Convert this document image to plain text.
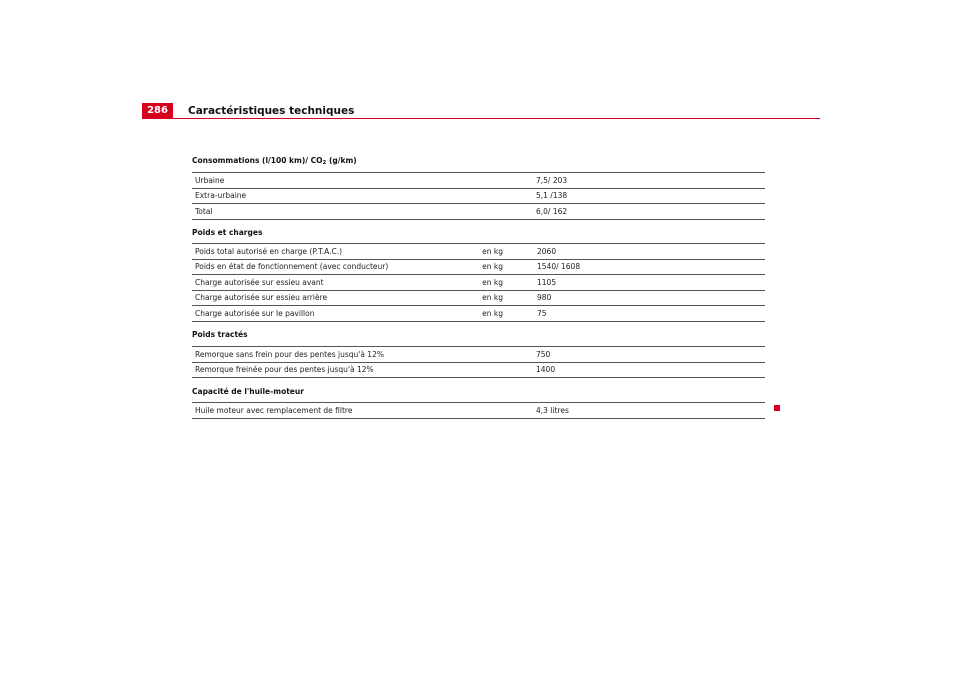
286	Caractéristiques techniques
Consommations (l/100 km)/ $CO_2$ (g/km)
Urbaine		7,5/ 203
Extra-urbaine		5,1 /138
Total		6,0/ 162
Poids et charges
Poids total autorisé en charge (P.T.A.C.)	en kg		2060
Poids en état de fonctionnement (avec conducteur)	en kg		1540/ 1608
Charge autorisée sur essieu avant	en kg		1105
Charge autorisée sur essieu arrière	en kg		980
Charge autorisée sur le pavillon	en kg		75
Poids tractés
Remorque sans frein pour des pentes jusqu'à 12%		750
Remorque freinée pour des pentes jusqu'à 12%		1400
Capacité de l'huile-moteur
Huile moteur avec remplacement de filtre		4,3 litres
